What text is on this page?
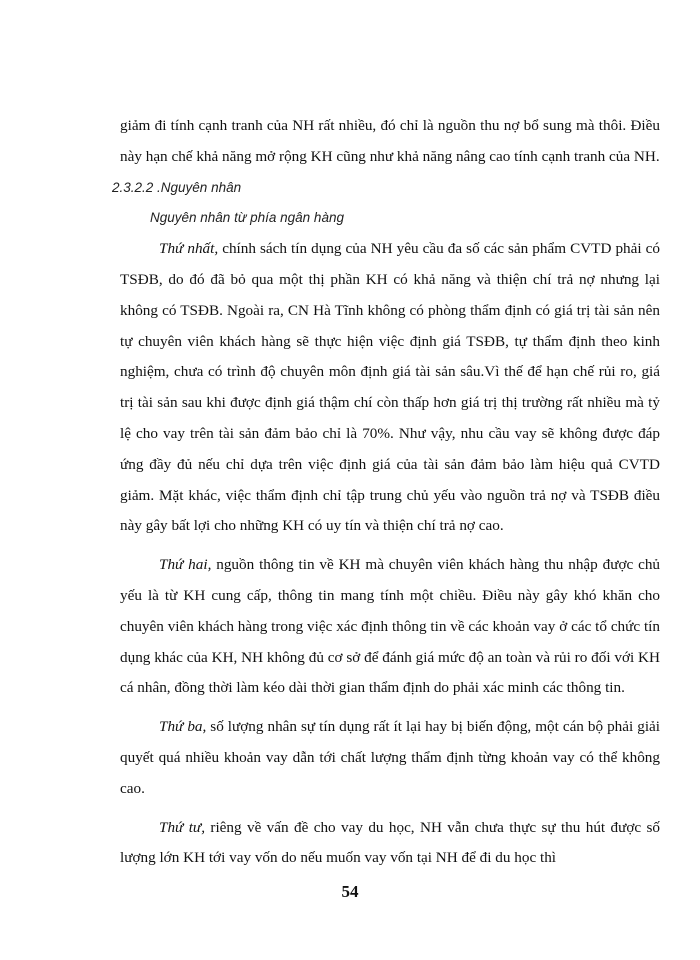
giảm đi tính cạnh tranh của NH rất nhiều, đó chỉ là nguồn thu nợ bổ sung mà thôi. Điều này hạn chế khả năng mở rộng KH cũng như khả năng nâng cao tính cạnh tranh của NH.

2.3.2.2 .Nguyên nhân

Nguyên nhân từ phía ngân hàng

Thứ nhất, chính sách tín dụng của NH yêu cầu đa số các sản phẩm CVTD phải có TSĐB, do đó đã bỏ qua một thị phần KH có khả năng và thiện chí trả nợ nhưng lại không có TSĐB. Ngoài ra, CN Hà Tĩnh không có phòng thẩm định có giá trị tài sản nên tự chuyên viên khách hàng sẽ thực hiện việc định giá TSĐB, tự thẩm định theo kinh nghiệm, chưa có trình độ chuyên môn định giá tài sản sâu.Vì thế để hạn chế rủi ro, giá trị tài sản sau khi được định giá thậm chí còn thấp hơn giá trị thị trường rất nhiều mà tỷ lệ cho vay trên tài sản đảm bảo chỉ là 70%. Như vậy, nhu cầu vay sẽ không được đáp ứng đầy đủ nếu chỉ dựa trên việc định giá của tài sản đảm bảo làm hiệu quả CVTD giảm. Mặt khác, việc thẩm định chỉ tập trung chủ yếu vào nguồn trả nợ và TSĐB điều này gây bất lợi cho những KH có uy tín và thiện chí trả nợ cao.

Thứ hai, nguồn thông tin về KH mà chuyên viên khách hàng thu nhập được chủ yếu là từ KH cung cấp, thông tin mang tính một chiều. Điều này gây khó khăn cho chuyên viên khách hàng trong việc xác định thông tin về các khoản vay ở các tổ chức tín dụng khác của KH, NH không đủ cơ sở để đánh giá mức độ an toàn và rủi ro đối với KH cá nhân, đồng thời làm kéo dài thời gian thẩm định do phải xác minh các thông tin.

Thứ ba, số lượng nhân sự tín dụng rất ít lại hay bị biến động, một cán bộ phải giải quyết quá nhiều khoản vay dẫn tới chất lượng thẩm định từng khoản vay có thể không cao.

Thứ tư, riêng về vấn đề cho vay du học, NH vẫn chưa thực sự thu hút được số lượng lớn KH tới vay vốn do nếu muốn vay vốn tại NH để đi du học thì

54
